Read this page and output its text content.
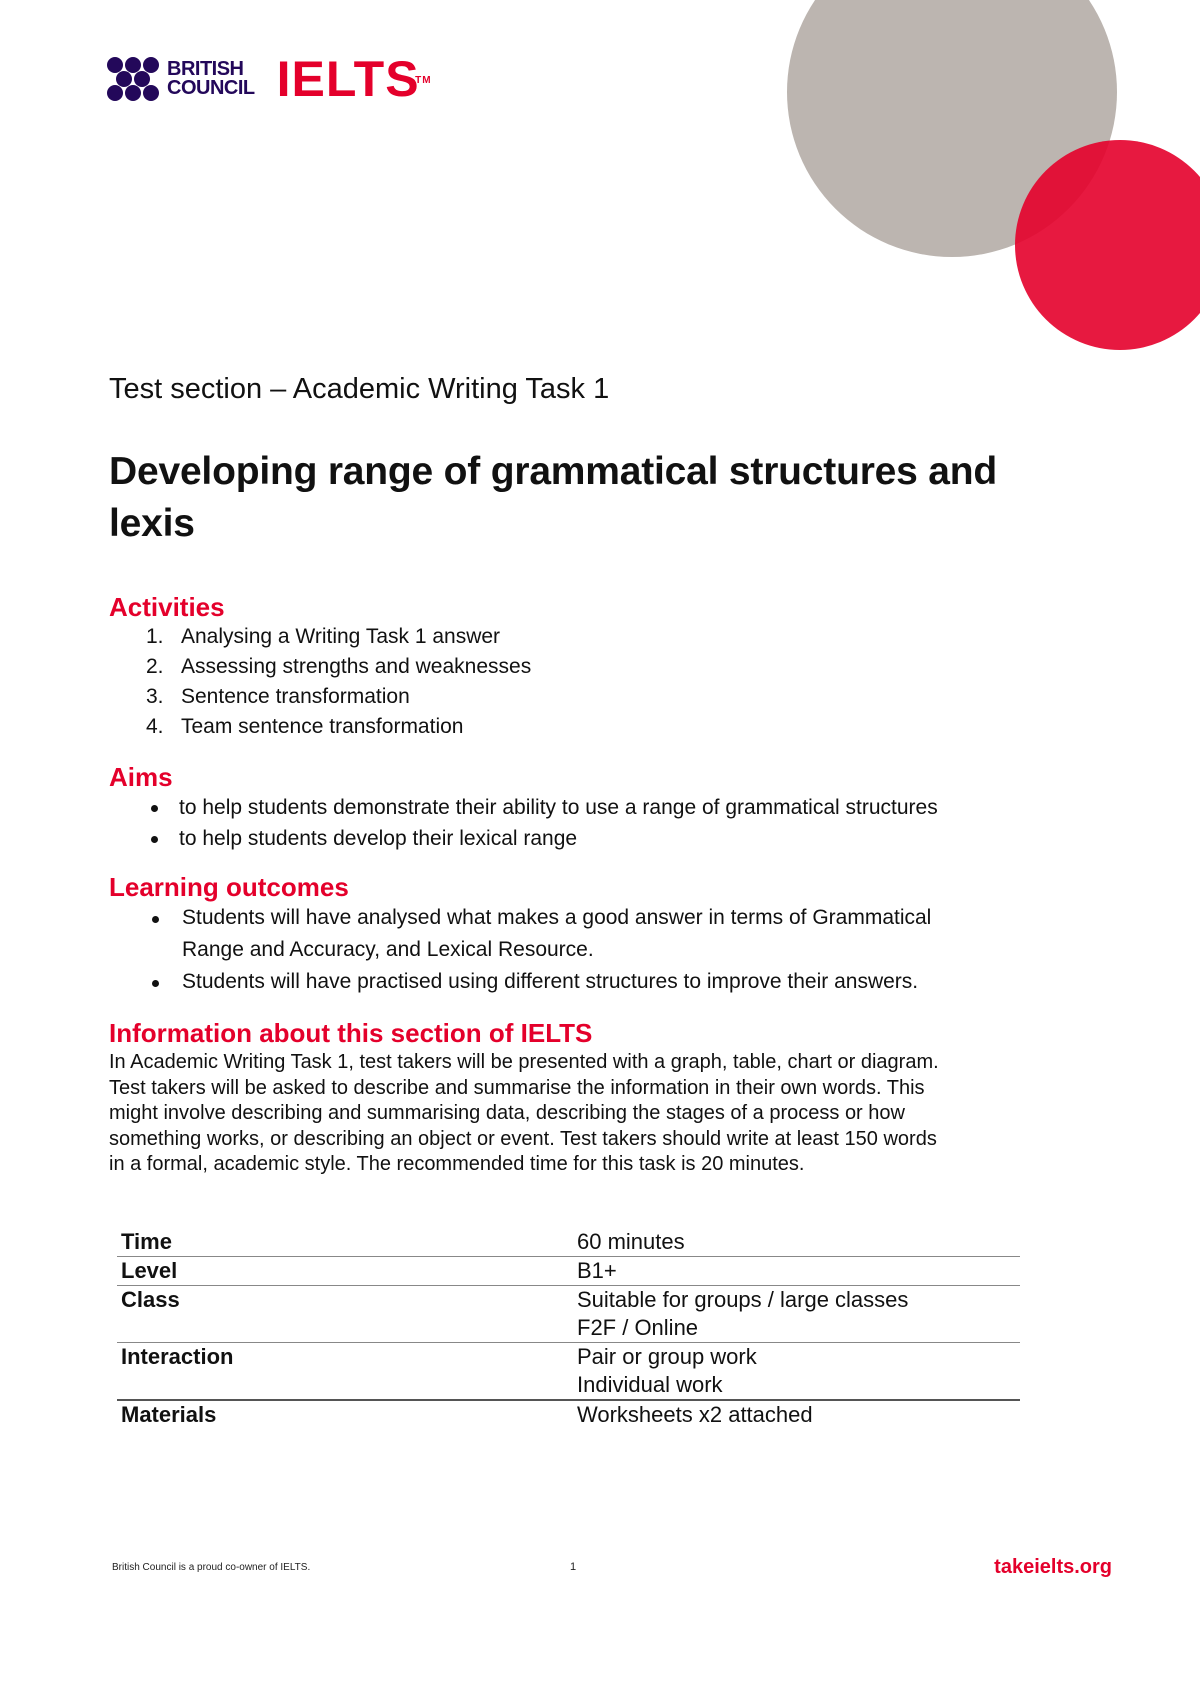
BRITISH
COUNCIL IELTS
TM

Test section – Academic Writing Task 1

Developing range of grammatical structures and
lexis
Activities
1. Analysing a Writing Task 1 answer
2. Assessing strengths and weaknesses
3. Sentence transformation
4. Team sentence transformation
Aims
to help students demonstrate their ability to use a range of grammatical structures
to help students develop their lexical range
Learning outcomes
Students will have analysed what makes a good answer in terms of Grammatical
Range and Accuracy, and Lexical Resource.
Students will have practised using different structures to improve their answers.
Information about this section of IELTS

In Academic Writing Task 1, test takers will be presented with a graph, table, chart or diagram.
Test takers will be asked to describe and summarise the information in their own words. This
might involve describing and summarising data, describing the stages of a process or how
something works, or describing an object or event. Test takers should write at least 150 words
in a formal, academic style. The recommended time for this task is 20 minutes.

Time	60 minutes
Level	B1+
Class	Suitable for groups / large classes
F2F / Online
Interaction	Pair or group work
Individual work
Materials	Worksheets x2 attached
British Council is a proud co-owner of IELTS.	1	takeielts.org
